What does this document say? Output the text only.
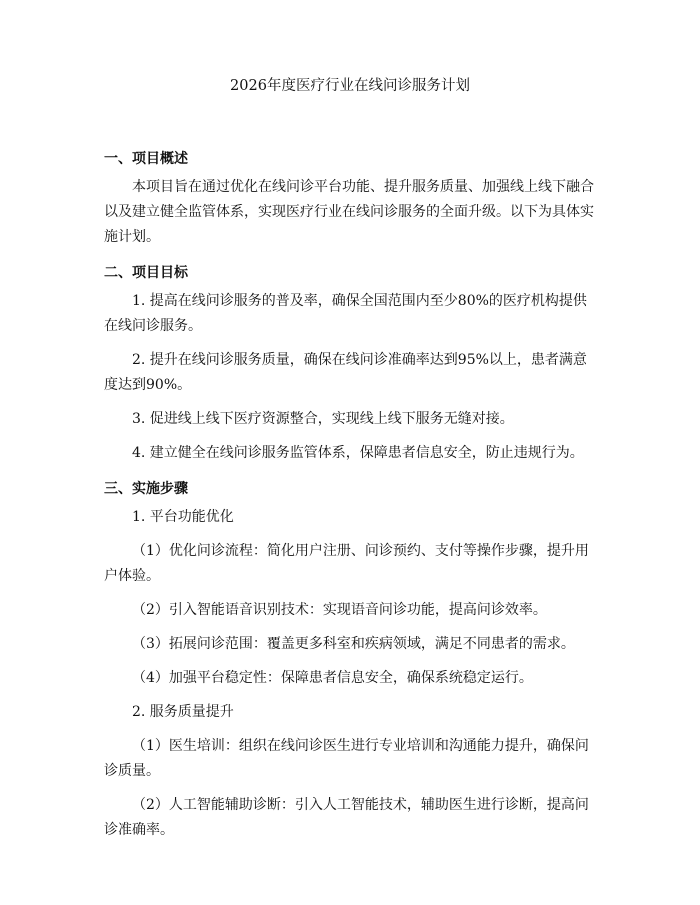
2026年度医疗行业在线问诊服务计划
一、项目概述

本项目旨在通过优化在线问诊平台功能、提升服务质量、加强线上线下融合以及建立健全监管体系，实现医疗行业在线问诊服务的全面升级。以下为具体实施计划。

二、项目目标

1. 提高在线问诊服务的普及率，确保全国范围内至少80%的医疗机构提供在线问诊服务。

2. 提升在线问诊服务质量，确保在线问诊准确率达到95%以上，患者满意度达到90%。

3. 促进线上线下医疗资源整合，实现线上线下服务无缝对接。

4. 建立健全在线问诊服务监管体系，保障患者信息安全，防止违规行为。

三、实施步骤

1. 平台功能优化

（1）优化问诊流程：简化用户注册、问诊预约、支付等操作步骤，提升用户体验。

（2）引入智能语音识别技术：实现语音问诊功能，提高问诊效率。

（3）拓展问诊范围：覆盖更多科室和疾病领域，满足不同患者的需求。

（4）加强平台稳定性：保障患者信息安全，确保系统稳定运行。

2. 服务质量提升

（1）医生培训：组织在线问诊医生进行专业培训和沟通能力提升，确保问诊质量。

（2）人工智能辅助诊断：引入人工智能技术，辅助医生进行诊断，提高问诊准确率。
